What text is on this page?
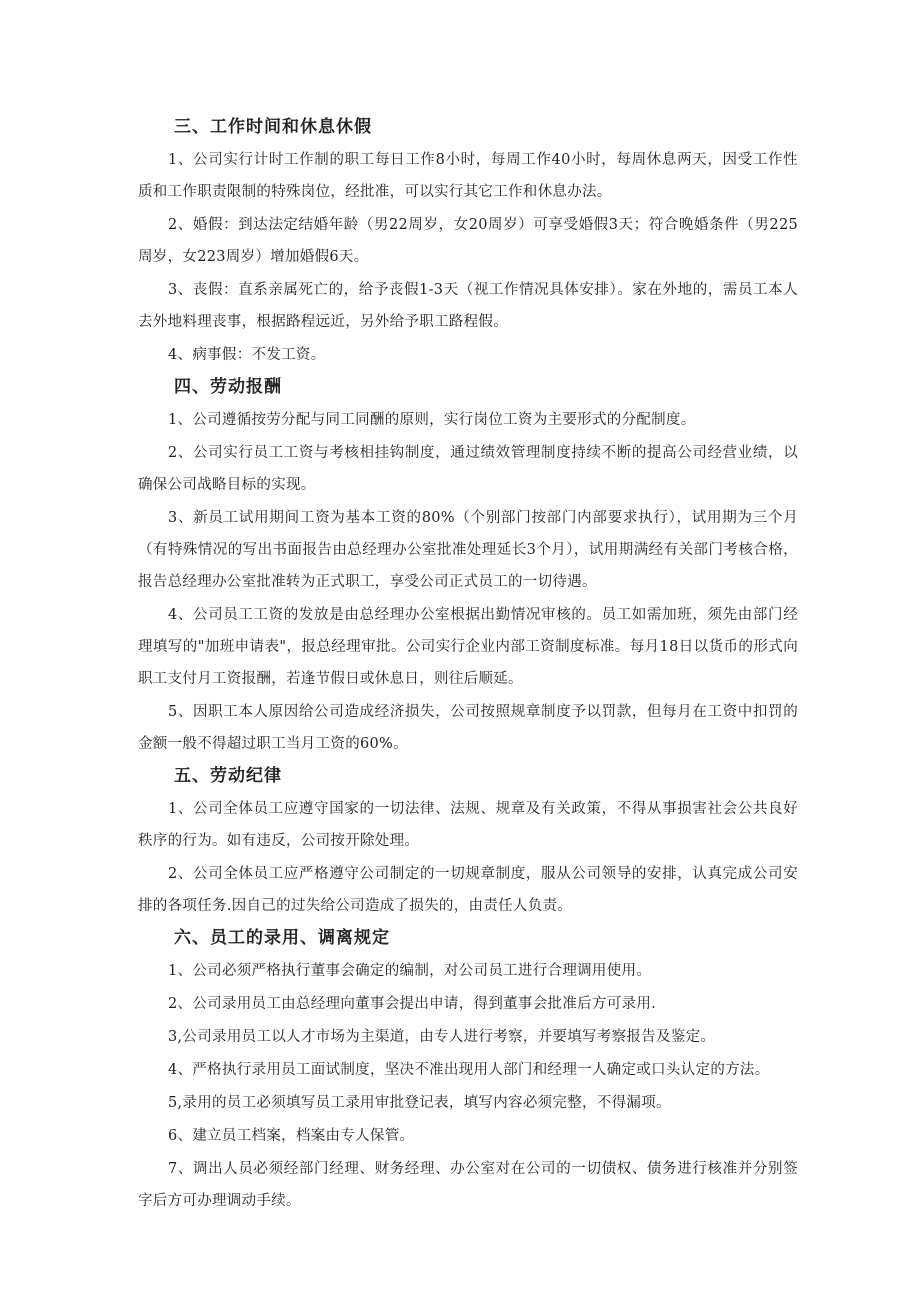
三、工作时间和休息休假

1、公司实行计时工作制的职工每日工作8小时，每周工作40小时，每周休息两天，因受工作性质和工作职责限制的特殊岗位，经批准，可以实行其它工作和休息办法。

2、婚假：到达法定结婚年龄（男22周岁，女20周岁）可享受婚假3天；符合晚婚条件（男225周岁，女223周岁）增加婚假6天。

3、丧假：直系亲属死亡的，给予丧假1-3天（视工作情况具体安排）。家在外地的，需员工本人去外地料理丧事，根据路程远近，另外给予职工路程假。

4、病事假：不发工资。

四、劳动报酬

1、公司遵循按劳分配与同工同酬的原则，实行岗位工资为主要形式的分配制度。

2、公司实行员工工资与考核相挂钩制度，通过绩效管理制度持续不断的提高公司经营业绩，以确保公司战略目标的实现。

3、新员工试用期间工资为基本工资的80%（个别部门按部门内部要求执行），试用期为三个月（有特殊情况的写出书面报告由总经理办公室批准处理延长3个月），试用期满经有关部门考核合格，报告总经理办公室批准转为正式职工，享受公司正式员工的一切待遇。

4、公司员工工资的发放是由总经理办公室根据出勤情况审核的。员工如需加班，须先由部门经理填写的"加班申请表"，报总经理审批。公司实行企业内部工资制度标准。每月18日以货币的形式向职工支付月工资报酬，若逢节假日或休息日，则往后顺延。

5、因职工本人原因给公司造成经济损失，公司按照规章制度予以罚款，但每月在工资中扣罚的金额一般不得超过职工当月工资的60%。

五、劳动纪律

1、公司全体员工应遵守国家的一切法律、法规、规章及有关政策，不得从事损害社会公共良好秩序的行为。如有违反，公司按开除处理。

2、公司全体员工应严格遵守公司制定的一切规章制度，服从公司领导的安排，认真完成公司安排的各项任务.因自己的过失给公司造成了损失的，由责任人负责。

六、员工的录用、调离规定

1、公司必须严格执行董事会确定的编制，对公司员工进行合理调用使用。

2、公司录用员工由总经理向董事会提出申请，得到董事会批准后方可录用.

3,公司录用员工以人才市场为主渠道，由专人进行考察，并要填写考察报告及鉴定。

4、严格执行录用员工面试制度，坚决不准出现用人部门和经理一人确定或口头认定的方法。

5,录用的员工必须填写员工录用审批登记表，填写内容必须完整，不得漏项。

6、建立员工档案，档案由专人保管。

7、调出人员必须经部门经理、财务经理、办公室对在公司的一切债权、债务进行核准并分别签字后方可办理调动手续。
